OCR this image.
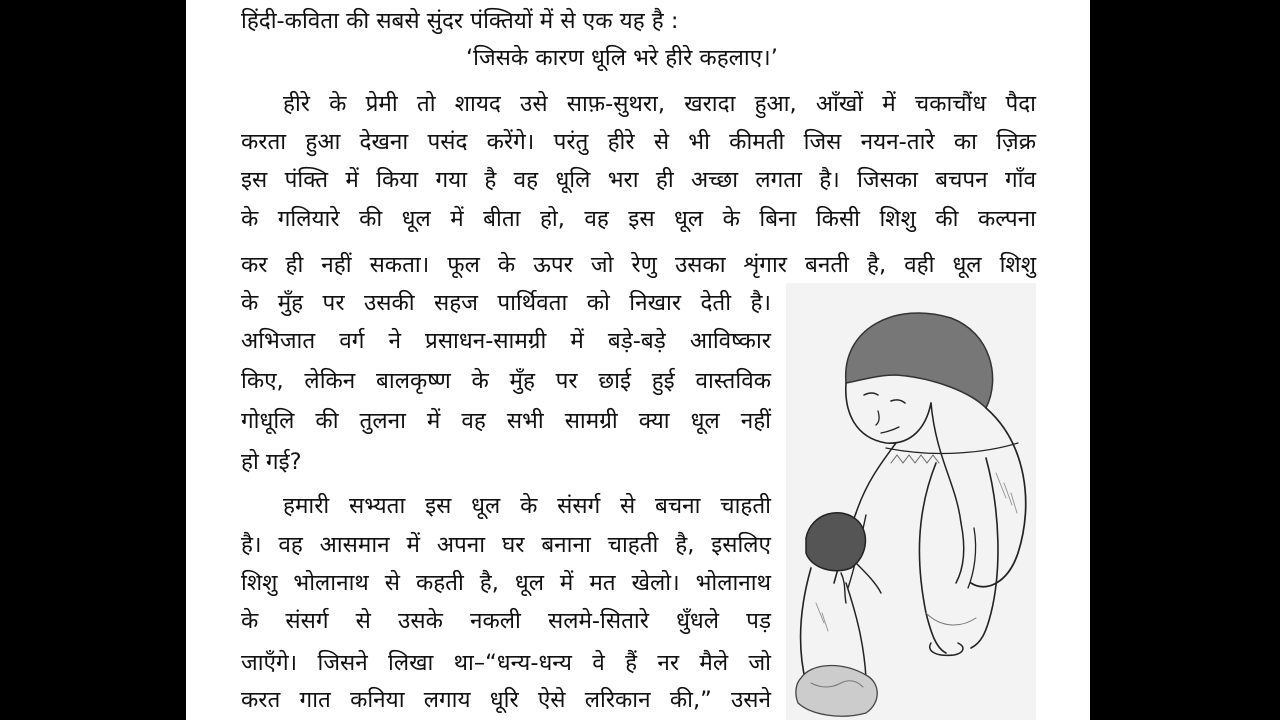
हिंदी-कविता की सबसे सुंदर पंक्तियों में से एक यह है :

‘जिसके कारण धूलि भरे हीरे कहलाए।’

हीरे के प्रेमी तो शायद उसे साफ़-सुथरा, खरादा हुआ, आँखों में चकाचौंध पैदा

करता हुआ देखना पसंद करेंगे। परंतु हीरे से भी कीमती जिस नयन-तारे का ज़िक्र

इस पंक्ति में किया गया है वह धूलि भरा ही अच्छा लगता है। जिसका बचपन गाँव

के गलियारे की धूल में बीता हो, वह इस धूल के बिना किसी शिशु की कल्पना

कर ही नहीं सकता। फूल के ऊपर जो रेणु उसका शृंगार बनती है, वही धूल शिशु

के मुँह पर उसकी सहज पार्थिवता को निखार देती है।

अभिजात वर्ग ने प्रसाधन-सामग्री में बड़े-बड़े आविष्कार

किए, लेकिन बालकृष्ण के मुँह पर छाई हुई वास्तविक

गोधूलि की तुलना में वह सभी सामग्री क्या धूल नहीं

हो गई?

हमारी सभ्यता इस धूल के संसर्ग से बचना चाहती

है। वह आसमान में अपना घर बनाना चाहती है, इसलिए

शिशु भोलानाथ से कहती है, धूल में मत खेलो। भोलानाथ

के संसर्ग से उसके नकली सलमे-सितारे धुँधले पड़

जाएँगे। जिसने लिखा था–“धन्य-धन्य वे हैं नर मैले जो

करत गात कनिया लगाय धूरि ऐसे लरिकान की,” उसने
